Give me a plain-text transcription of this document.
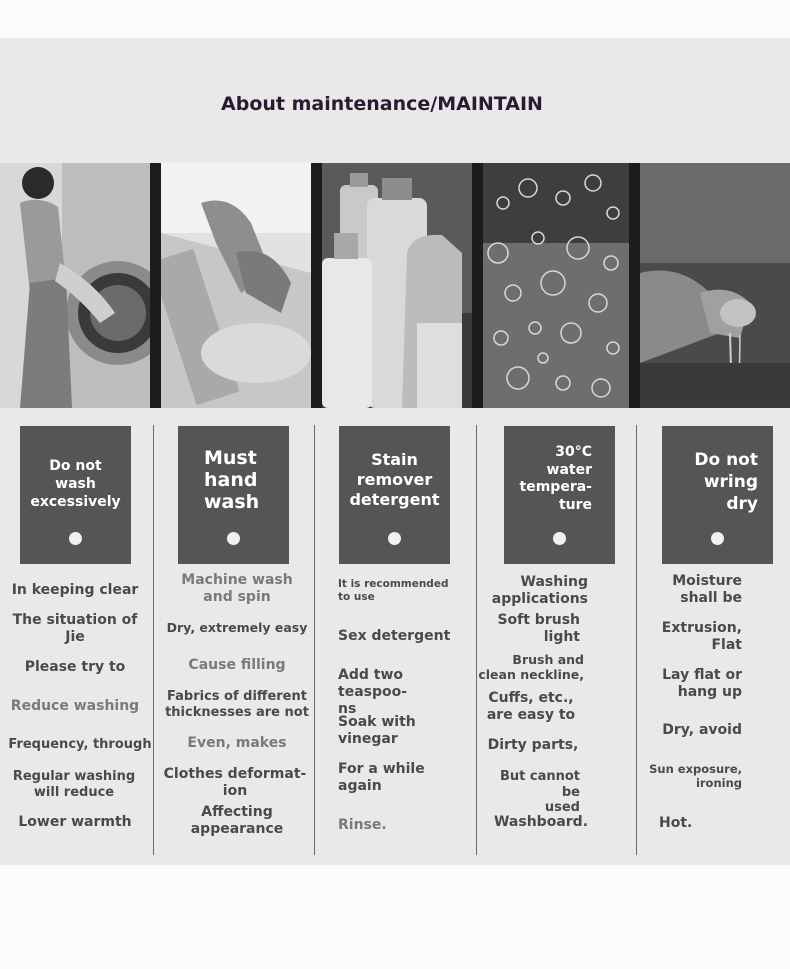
About maintenance/MAINTAIN
Do not
wash
excessively
Must
hand
wash
Stain
remover
detergent
30°C
water
tempera-
ture
Do not
wring
dry
In keeping clear
The situation of
Jie
Please try to
Reduce washing
Frequency, through
Regular washing
will reduce
Lower warmth
Machine wash
and spin
Dry, extremely easy
Cause filling
Fabrics of different
thicknesses are not
Even, makes
Clothes deformat-
ion
Affecting
appearance
It is recommended
to use
Sex detergent
Add two teaspoo-
ns
Soak with
vinegar
For a while
again
Rinse.
Washing
applications
Soft brush
light
Brush and
clean neckline,
Cuffs, etc.,
are easy to
Dirty parts,
But cannot be
used
Washboard.
Moisture
shall be
Extrusion,
Flat
Lay flat or
hang up
Dry, avoid
Sun exposure,
ironing
Hot.
